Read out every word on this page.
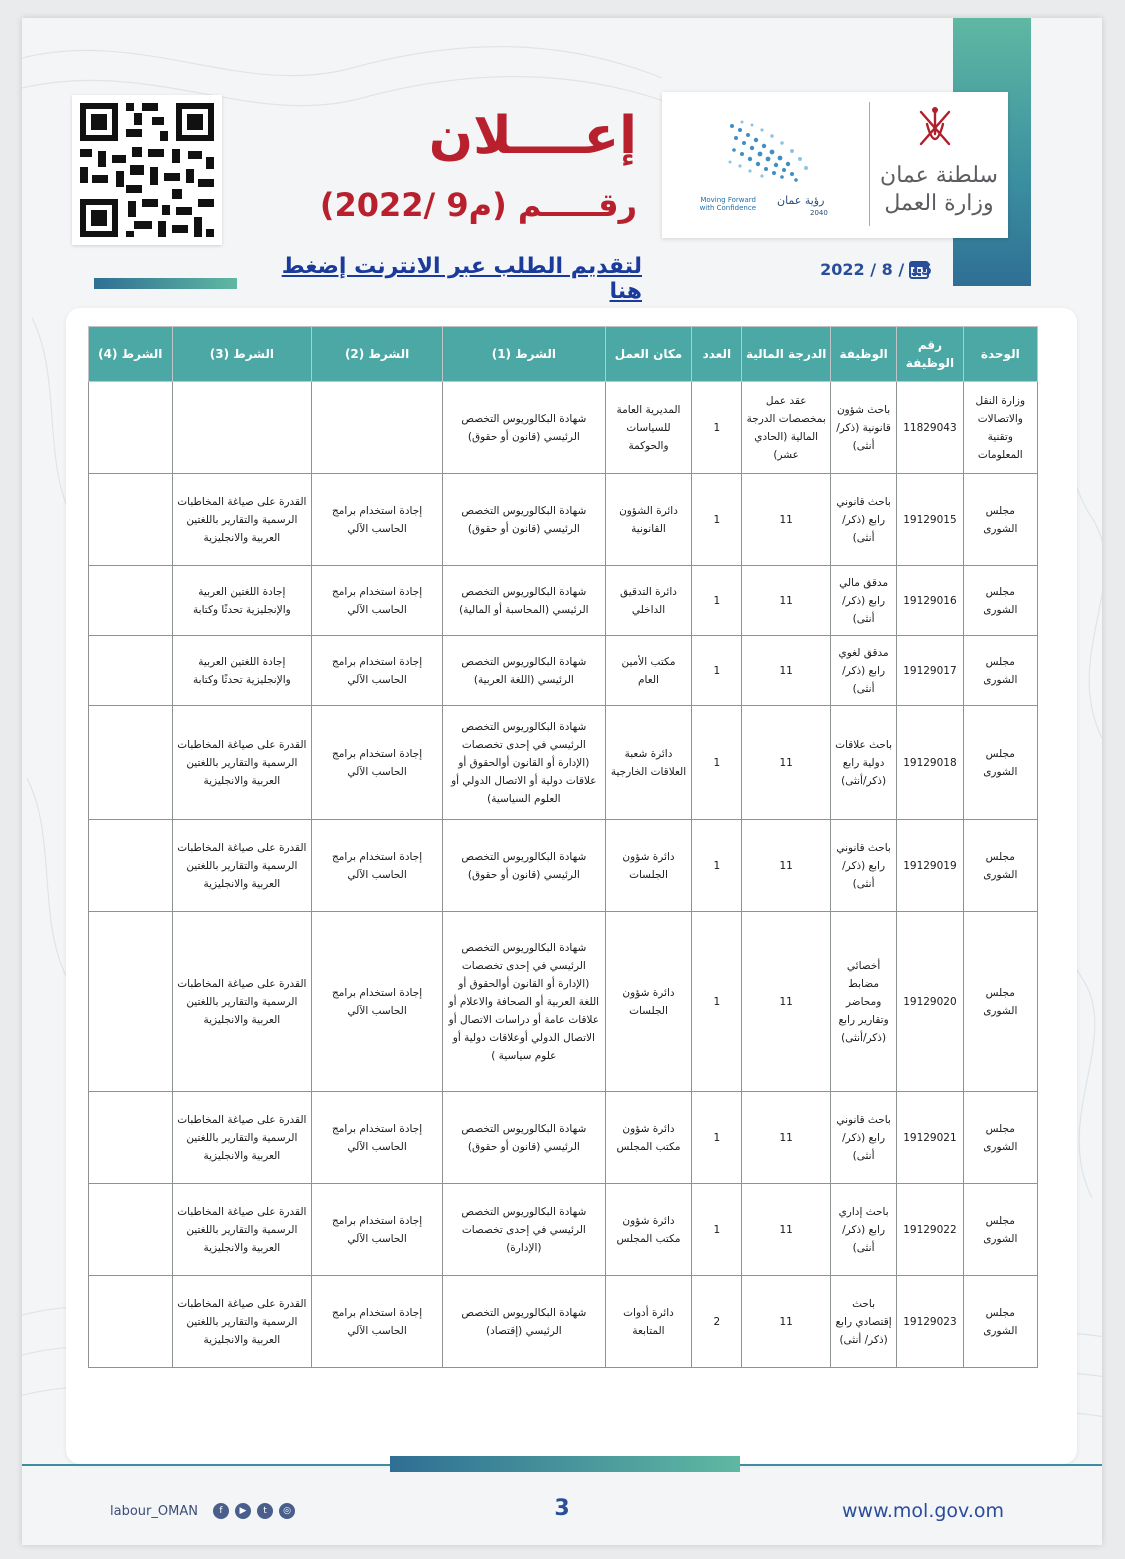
رؤية عمان
2040
Moving Forward with Confidence
سلطنة عمان وزارة العمل
إعــــلان
رقـــــم (م9 /2022)
لتقديم الطلب عبر الانترنت إضغط هنا
15 / 8 / 2022
الوحدة	رقم الوظيفة	الوظيفة	الدرجة المالية	العدد	مكان العمل	الشرط (1)	الشرط (2)	الشرط (3)	الشرط (4)
وزارة النقل والاتصالات وتقنية المعلومات	11829043	باحث شؤون قانونية (ذكر/أنثى)	عقد عمل بمخصصات الدرجة المالية (الحادي عشر)	1	المديرية العامة للسياسات والحوكمة	شهادة البكالوريوس التخصص الرئيسي (قانون أو حقوق)			
مجلس الشورى	19129015	باحث قانوني رابع (ذكر/أنثى)	11	1	دائرة الشؤون القانونية	شهادة البكالوريوس التخصص الرئيسي (قانون أو حقوق)	إجادة استخدام برامج الحاسب الآلي	القدرة على صياغة المخاطبات الرسمية والتقارير باللغتين العربية والانجليزية	
مجلس الشورى	19129016	مدقق مالي رابع (ذكر/ أنثى)	11	1	دائرة التدقيق الداخلي	شهادة البكالوريوس التخصص الرئيسي (المحاسبة أو المالية)	إجادة استخدام برامج الحاسب الآلي	إجادة اللغتين العربية والإنجليزية تحدثًا وكتابة	
مجلس الشورى	19129017	مدقق لغوي رابع (ذكر/ أنثى)	11	1	مكتب الأمين العام	شهادة البكالوريوس التخصص الرئيسي (اللغة العربية)	إجادة استخدام برامج الحاسب الآلي	إجادة اللغتين العربية والإنجليزية تحدثًا وكتابة	
مجلس الشورى	19129018	باحث علاقات دولية رابع (ذكر/أنثى)	11	1	دائرة شعبة العلاقات الخارجية	شهادة البكالوريوس التخصص الرئيسي في إحدى تخصصات (الإدارة أو القانون أوالحقوق أو علاقات دولية أو الاتصال الدولي أو العلوم السياسية)	إجادة استخدام برامج الحاسب الآلي	القدرة على صياغة المخاطبات الرسمية والتقارير باللغتين العربية والانجليزية	
مجلس الشورى	19129019	باحث قانوني رابع (ذكر/أنثى)	11	1	دائرة شؤون الجلسات	شهادة البكالوريوس التخصص الرئيسي (قانون أو حقوق)	إجادة استخدام برامج الحاسب الآلي	القدرة على صياغة المخاطبات الرسمية والتقارير باللغتين العربية والانجليزية	
مجلس الشورى	19129020	أخصائي مضابط ومحاضر وتقارير رابع (ذكر/أنثى)	11	1	دائرة شؤون الجلسات	شهادة البكالوريوس التخصص الرئيسي في إحدى تخصصات (الإدارة أو القانون أوالحقوق أو اللغة العربية أو الصحافة والاعلام أو علاقات عامة أو دراسات الاتصال أو الاتصال الدولي أوعلاقات دولية أو علوم سياسية )	إجادة استخدام برامج الحاسب الآلي	القدرة على صياغة المخاطبات الرسمية والتقارير باللغتين العربية والانجليزية	
مجلس الشورى	19129021	باحث قانوني رابع (ذكر/أنثى)	11	1	دائرة شؤون مكتب المجلس	شهادة البكالوريوس التخصص الرئيسي (قانون أو حقوق)	إجادة استخدام برامج الحاسب الآلي	القدرة على صياغة المخاطبات الرسمية والتقارير باللغتين العربية والانجليزية	
مجلس الشورى	19129022	باحث إداري رابع (ذكر/ أنثى)	11	1	دائرة شؤون مكتب المجلس	شهادة البكالوريوس التخصص الرئيسي في إحدى تخصصات (الإدارة)	إجادة استخدام برامج الحاسب الآلي	القدرة على صياغة المخاطبات الرسمية والتقارير باللغتين العربية والانجليزية	
مجلس الشورى	19129023	باحث إقتصادي رابع (ذكر/ أنثى)	11	2	دائرة أدوات المتابعة	شهادة البكالوريوس التخصص الرئيسي (إقتصاد)	إجادة استخدام برامج الحاسب الآلي	القدرة على صياغة المخاطبات الرسمية والتقارير باللغتين العربية والانجليزية	
3	www.mol.gov.om
labour_OMAN	f	▶	t	◎
